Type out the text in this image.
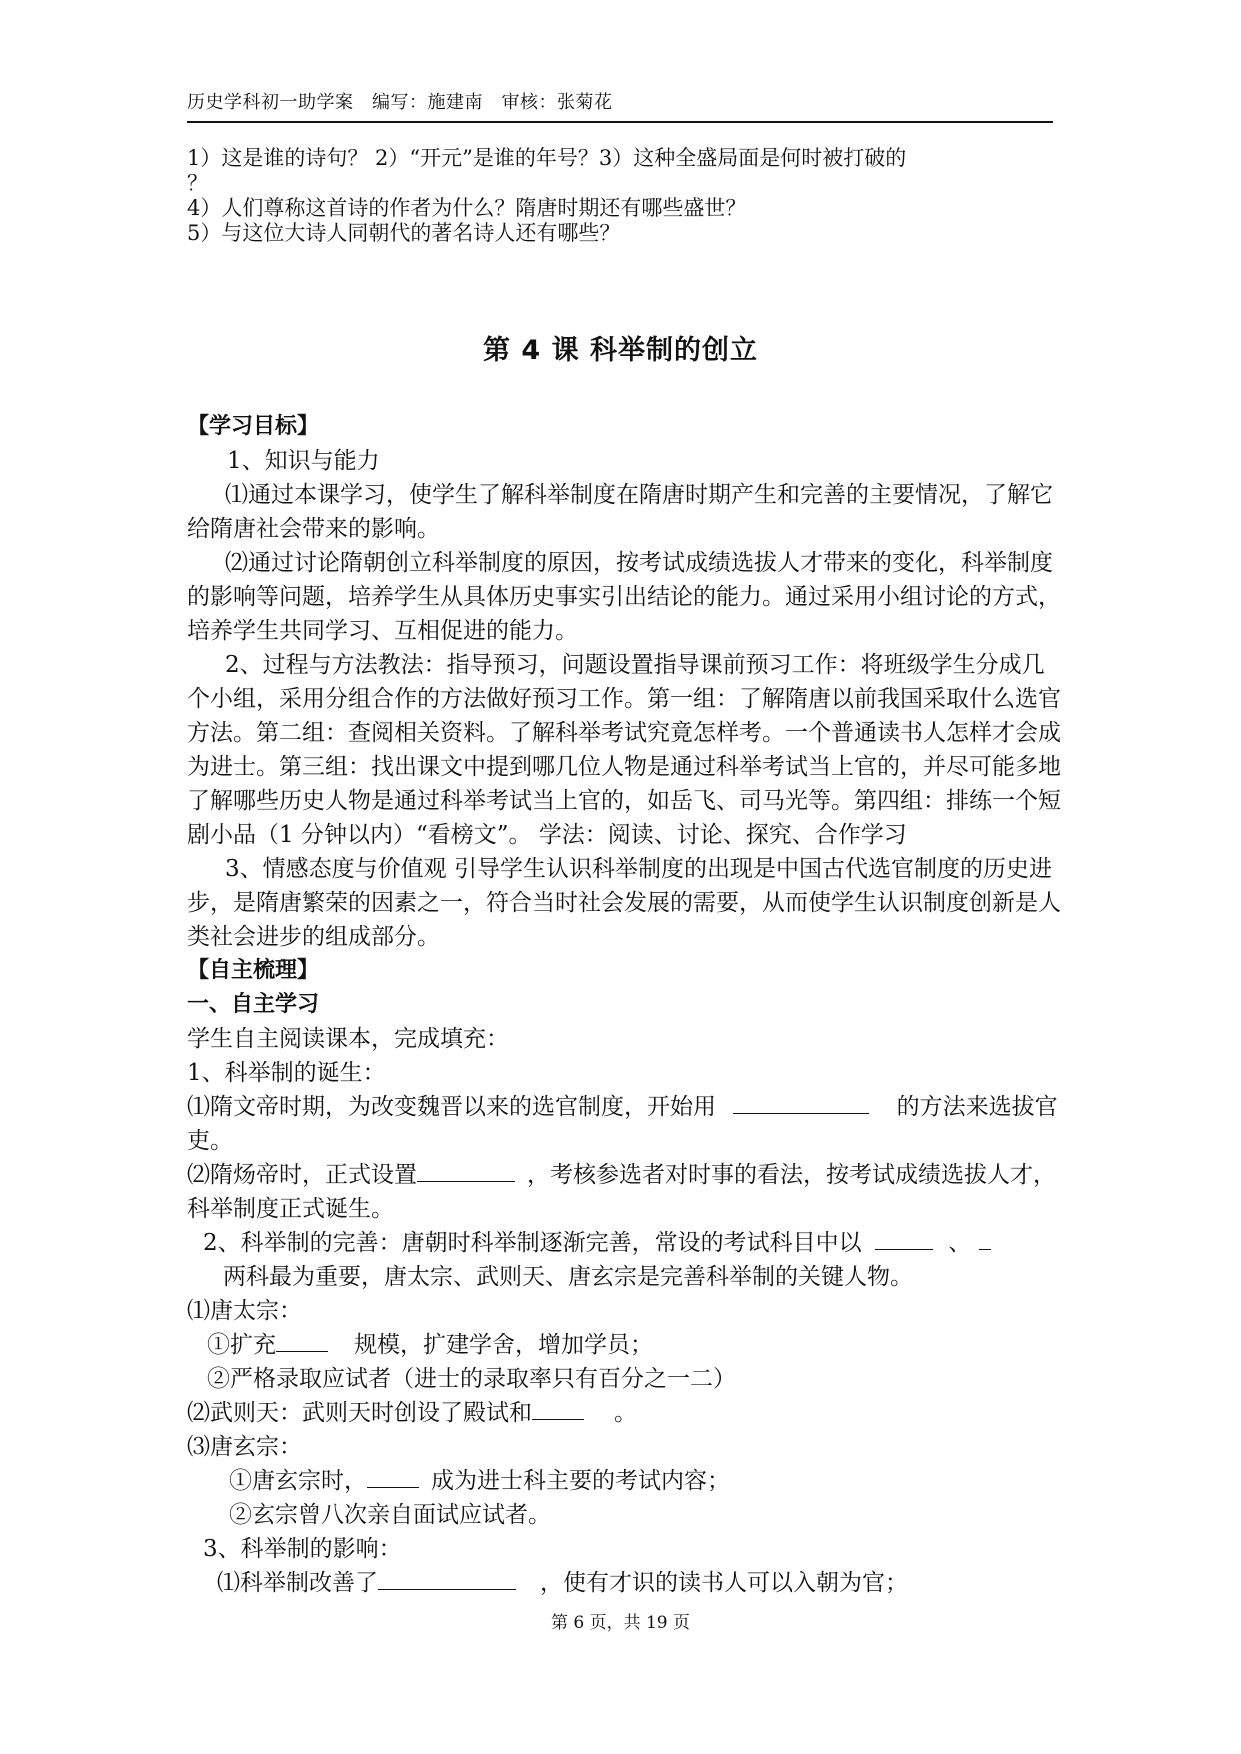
历史学科初一助学案　编写：施建南　审核：张菊花
1）这是谁的诗句？ 2）“开元”是谁的年号？3）这种全盛局面是何时被打破的
？
4）人们尊称这首诗的作者为什么？隋唐时期还有哪些盛世？
5）与这位大诗人同朝代的著名诗人还有哪些？
第 4 课 科举制的创立

【学习目标】

1、知识与能力

⑴通过本课学习，使学生了解科举制度在隋唐时期产生和完善的主要情况，了解它给隋唐社会带来的影响。

⑵通过讨论隋朝创立科举制度的原因，按考试成绩选拔人才带来的变化，科举制度的影响等问题，培养学生从具体历史事实引出结论的能力。通过采用小组讨论的方式，培养学生共同学习、互相促进的能力。

2、过程与方法教法：指导预习，问题设置指导课前预习工作：将班级学生分成几个小组，采用分组合作的方法做好预习工作。第一组：了解隋唐以前我国采取什么选官方法。第二组：查阅相关资料。了解科举考试究竟怎样考。一个普通读书人怎样才会成为进士。第三组：找出课文中提到哪几位人物是通过科举考试当上官的，并尽可能多地了解哪些历史人物是通过科举考试当上官的，如岳飞、司马光等。第四组：排练一个短剧小品（1 分钟以内）“看榜文”。 学法：阅读、讨论、探究、合作学习

3、情感态度与价值观 引导学生认识科举制度的出现是中国古代选官制度的历史进步，是隋唐繁荣的因素之一，符合当时社会发展的需要，从而使学生认识制度创新是人类社会进步的组成部分。

【自主梳理】

一、自主学习

学生自主阅读课本，完成填充：

1、科举制的诞生：

⑴隋文帝时期，为改变魏晋以来的选官制度，开始用	的方法来选拔官吏。

⑵隋炀帝时，正式设置	，考核参选者对时事的看法，按考试成绩选拔人才，科举制度正式诞生。

2、科举制的完善：唐朝时科举制逐渐完善，常设的考试科目中以	、

两科最为重要，唐太宗、武则天、唐玄宗是完善科举制的关键人物。

⑴唐太宗：

①扩充	规模，扩建学舍，增加学员；

②严格录取应试者（进士的录取率只有百分之一二）

⑵武则天：武则天时创设了殿试和	。

⑶唐玄宗：

①唐玄宗时，	成为进士科主要的考试内容；

②玄宗曾八次亲自面试应试者。

3、科举制的影响：

⑴科举制改善了	，使有才识的读书人可以入朝为官；

第 6 页，共 19 页
